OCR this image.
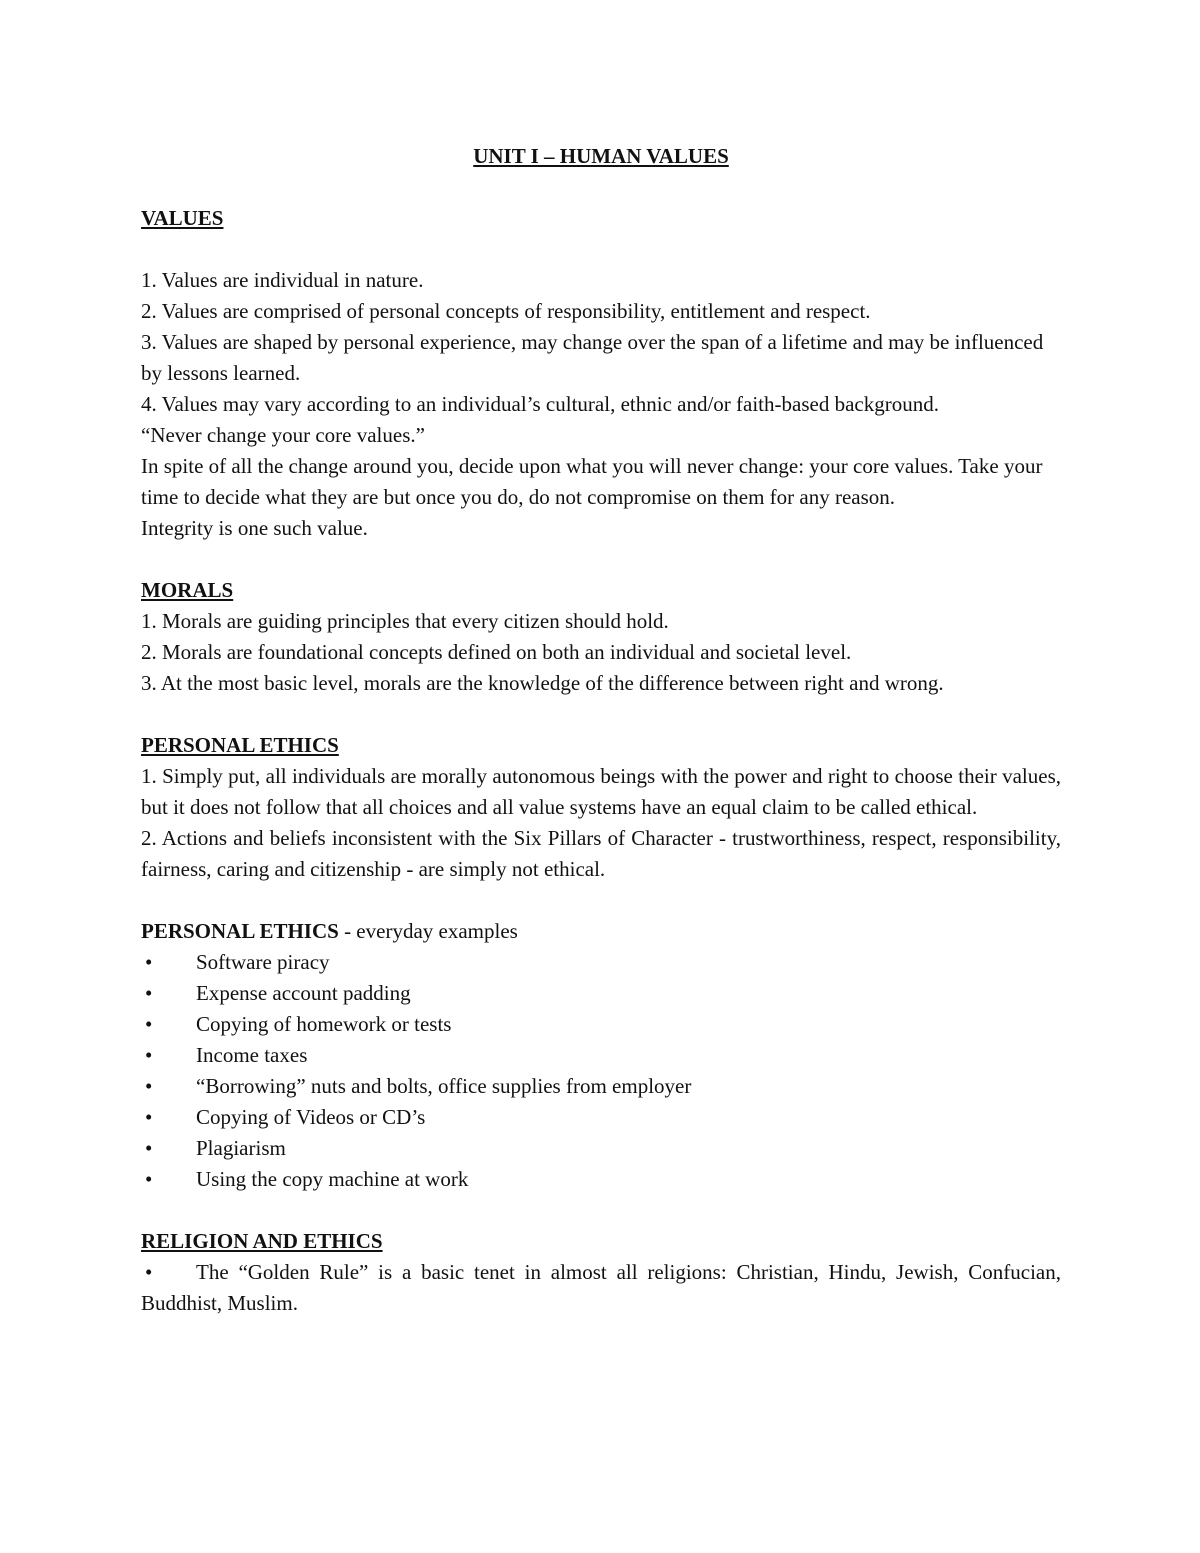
UNIT I – HUMAN VALUES

VALUES

1. Values are individual in nature.

2. Values are comprised of personal concepts of responsibility, entitlement and respect.

3. Values are shaped by personal experience, may change over the span of a lifetime and may be influenced by lessons learned.

4. Values may vary according to an individual’s cultural, ethnic and/or faith-based background.

“Never change your core values.”

In spite of all the change around you, decide upon what you will never change: your core values. Take your time to decide what they are but once you do, do not compromise on them for any reason.

Integrity is one such value.

MORALS

1. Morals are guiding principles that every citizen should hold.

2. Morals are foundational concepts defined on both an individual and societal level.

3. At the most basic level, morals are the knowledge of the difference between right and wrong.

PERSONAL ETHICS

1. Simply put, all individuals are morally autonomous beings with the power and right to choose their values, but it does not follow that all choices and all value systems have an equal claim to be called ethical.

2. Actions and beliefs inconsistent with the Six Pillars of Character - trustworthiness, respect, responsibility, fairness, caring and citizenship - are simply not ethical.

PERSONAL ETHICS - everyday examples

•	Software piracy
•	Expense account padding
•	Copying of homework or tests
•	Income taxes
•	“Borrowing” nuts and bolts, office supplies from employer
•	Copying of Videos or CD’s
•	Plagiarism
•	Using the copy machine at work

RELIGION AND ETHICS

• The “Golden Rule” is a basic tenet in almost all religions: Christian, Hindu, Jewish, Confucian, Buddhist, Muslim.
